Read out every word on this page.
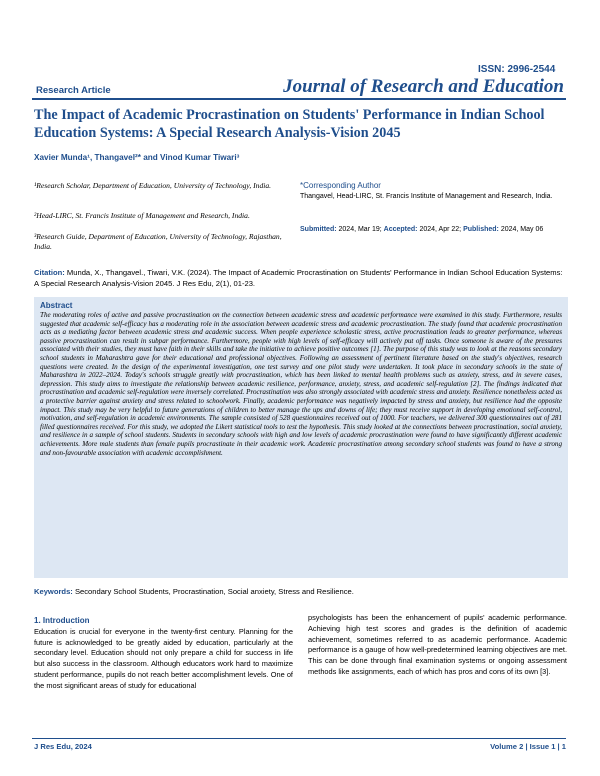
ISSN: 2996-2544
Research Article	Journal of Research and Education
The Impact of Academic Procrastination on Students' Performance in Indian School Education Systems: A Special Research Analysis-Vision 2045
Xavier Munda¹, Thangavel²* and Vinod Kumar Tiwari³
¹Research Scholar, Department of Education, University of Technology, India.
²Head-LIRC, St. Francis Institute of Management and Research, India.
³Research Guide, Department of Education, University of Technology, Rajasthan, India.
*Corresponding Author
Thangavel, Head-LIRC, St. Francis Institute of Management and Research, India.
Submitted: 2024, Mar 19; Accepted: 2024, Apr 22; Published: 2024, May 06
Citation: Munda, X., Thangavel., Tiwari, V.K. (2024). The Impact of Academic Procrastination on Students' Performance in Indian School Education Systems: A Special Research Analysis-Vision 2045. J Res Edu, 2(1), 01-23.
Abstract
The moderating roles of active and passive procrastination on the connection between academic stress and academic performance were examined in this study. Furthermore, results suggested that academic self-efficacy has a moderating role in the association between academic stress and academic procrastination. The study found that academic procrastination acts as a mediating factor between academic stress and academic success. When people experience scholastic stress, active procrastination leads to greater performance, whereas passive procrastination can result in subpar performance. Furthermore, people with high levels of self-efficacy will actively put off tasks. Once someone is aware of the pressures associated with their studies, they must have faith in their skills and take the initiative to achieve positive outcomes [1]. The purpose of this study was to look at the reasons secondary school students in Maharashtra gave for their educational and professional objectives. Following an assessment of pertinent literature based on the study's objectives, research questions were created. In the design of the experimental investigation, one test survey and one pilot study were undertaken. It took place in secondary schools in the state of Maharashtra in 2022–2024. Today's schools struggle greatly with procrastination, which has been linked to mental health problems such as anxiety, stress, and in severe cases, depression. This study aims to investigate the relationship between academic resilience, performance, anxiety, stress, and academic self-regulation [2]. The findings indicated that procrastination and academic self-regulation were inversely correlated. Procrastination was also strongly associated with academic stress and anxiety. Resilience nonetheless acted as a protective barrier against anxiety and stress related to schoolwork. Finally, academic performance was negatively impacted by stress and anxiety, but resilience had the opposite impact. This study may be very helpful to future generations of children to better manage the ups and downs of life; they must receive support in developing emotional self-control, motivation, and self-regulation in academic environments. The sample consisted of 528 questionnaires received out of 1000. For teachers, we delivered 300 questionnaires out of 281 filled questionnaires received. For this study, we adopted the Likert statistical tools to test the hypothesis. This study looked at the connections between procrastination, social anxiety, and resilience in a sample of school students. Students in secondary schools with high and low levels of academic procrastination were found to have significantly different academic achievements. More male students than female pupils procrastinate in their academic work. Academic procrastination among secondary school students was found to have a strong and non-favourable association with academic accomplishment.
Keywords: Secondary School Students, Procrastination, Social anxiety, Stress and Resilience.
1. Introduction
Education is crucial for everyone in the twenty-first century. Planning for the future is acknowledged to be greatly aided by education, particularly at the secondary level. Education should not only prepare a child for success in life but also success in the classroom. Although educators work hard to maximize student performance, pupils do not reach better accomplishment levels. One of the most significant areas of study for educational
psychologists has been the enhancement of pupils' academic performance. Achieving high test scores and grades is the definition of academic achievement, sometimes referred to as academic performance. Academic performance is a gauge of how well-predetermined learning objectives are met. This can be done through final examination systems or ongoing assessment methods like assignments, each of which has pros and cons of its own [3].
J Res Edu, 2024	Volume 2 | Issue 1 | 1
